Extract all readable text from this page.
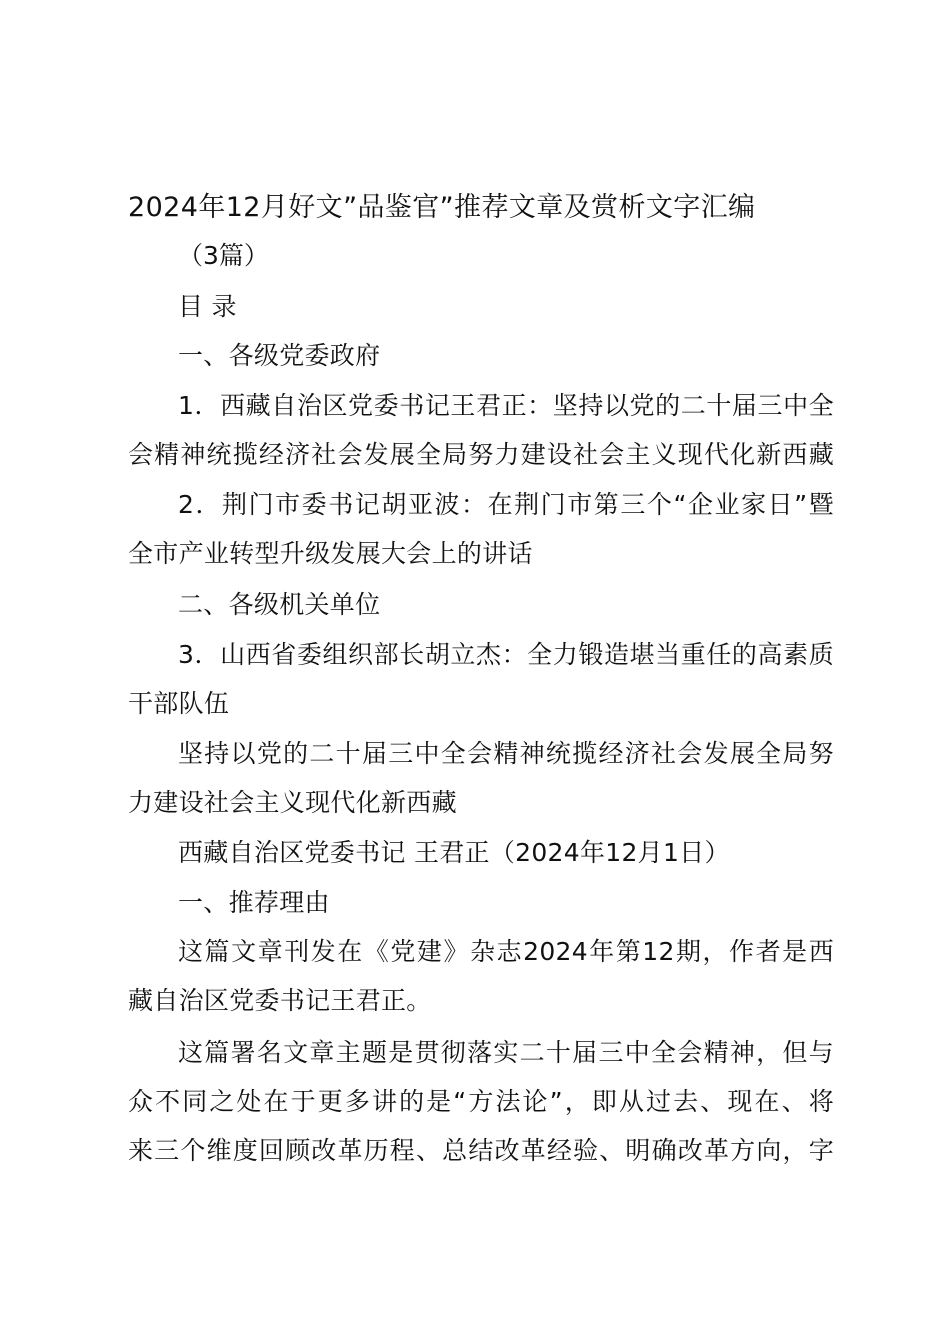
2024年12月好文”品鉴官”推荐文章及赏析文字汇编
（3篇）
目 录
一、各级党委政府
1．西藏自治区党委书记王君正：坚持以党的二十届三中全
会精神统揽经济社会发展全局努力建设社会主义现代化新西藏
2．荆门市委书记胡亚波：在荆门市第三个“企业家日”暨
全市产业转型升级发展大会上的讲话
二、各级机关单位
3．山西省委组织部长胡立杰：全力锻造堪当重任的高素质
干部队伍
坚持以党的二十届三中全会精神统揽经济社会发展全局努
力建设社会主义现代化新西藏
西藏自治区党委书记 王君正（2024年12月1日）
一、推荐理由
这篇文章刊发在《党建》杂志2024年第12期，作者是西
藏自治区党委书记王君正。
这篇署名文章主题是贯彻落实二十届三中全会精神，但与
众不同之处在于更多讲的是“方法论”，即从过去、现在、将
来三个维度回顾改革历程、总结改革经验、明确改革方向，字
